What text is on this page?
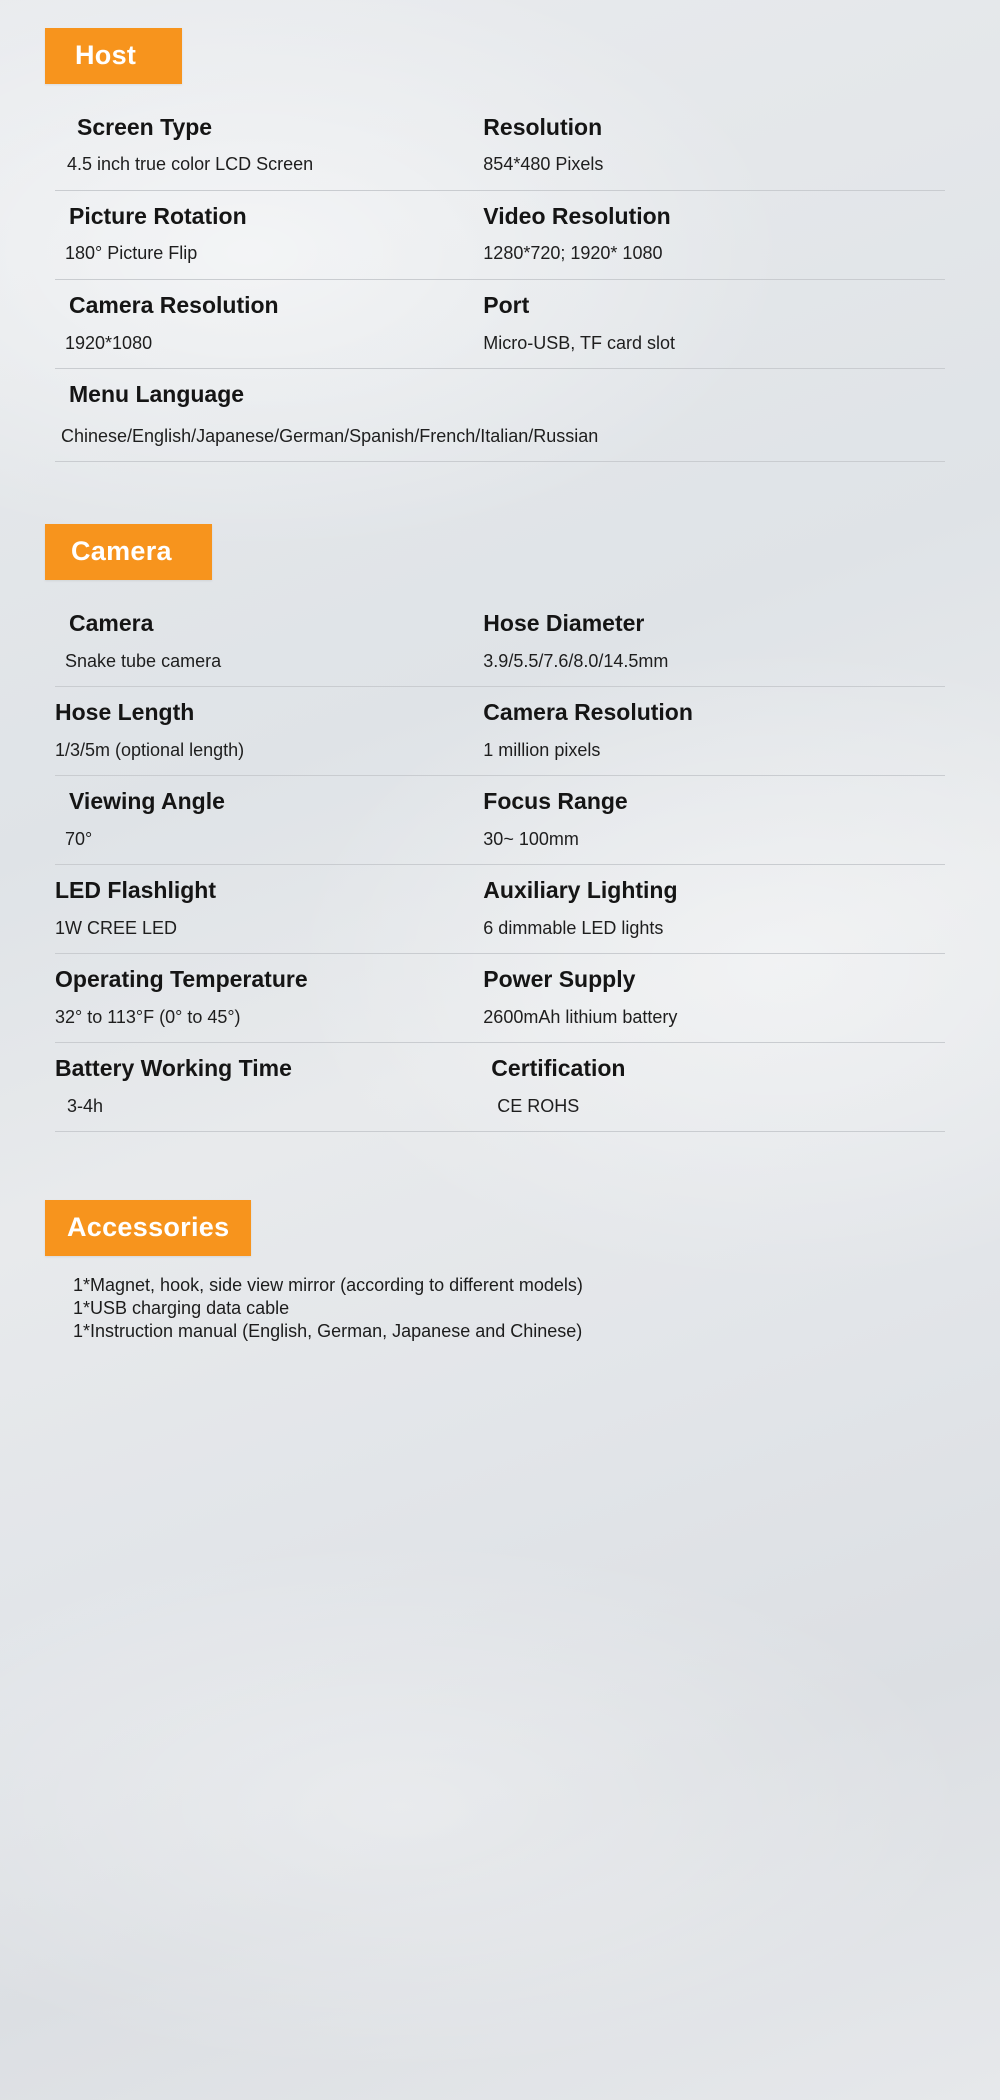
Host
Screen Type
4.5 inch true color LCD Screen
Resolution
854*480 Pixels
Picture Rotation
180° Picture Flip
Video Resolution
1280*720; 1920* 1080
Camera Resolution
1920*1080
Port
Micro-USB, TF card slot
Menu Language
Chinese/English/Japanese/German/Spanish/French/Italian/Russian
Camera
Camera
Snake tube camera
Hose Diameter
3.9/5.5/7.6/8.0/14.5mm
Hose Length
1/3/5m (optional length)
Camera Resolution
1 million pixels
Viewing Angle
70°
Focus Range
30~ 100mm
LED Flashlight
1W CREE LED
Auxiliary Lighting
6 dimmable LED lights
Operating Temperature
32° to 113°F (0° to 45°)
Power Supply
2600mAh lithium battery
Battery Working Time
3-4h
Certification
CE ROHS
Accessories
1*Magnet, hook, side view mirror (according to different models)
1*USB charging data cable
1*Instruction manual (English, German, Japanese and Chinese)
